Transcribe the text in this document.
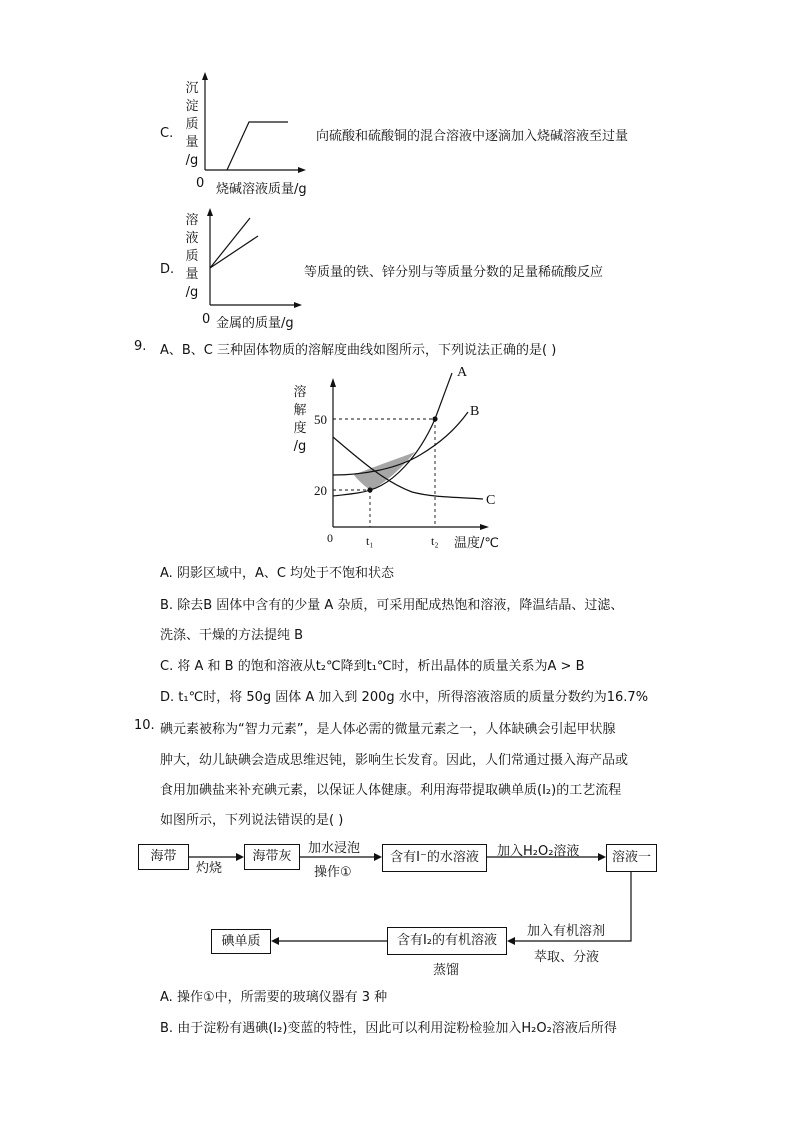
C.
沉
淀
质
量
/g
0 烧碱溶液质量/g
向硫酸和硫酸铜的混合溶液中逐滴加入烧碱溶液至过量
D.
溶
液
质
量
/g
0 金属的质量/g
等质量的铁、锌分别与等质量分数的足量稀硫酸反应
9. A、B、C 三种固体物质的溶解度曲线如图所示，下列说法正确的是( )
溶
解
度
/g
50
20
0	t₁	t₂ 温度/℃
A
B
C
A. 阴影区域中，A、C 均处于不饱和状态
B. 除去B 固体中含有的少量 A 杂质，可采用配成热饱和溶液，降温结晶、过滤、
洗涤、干燥的方法提纯 B
C. 将 A 和 B 的饱和溶液从t₂℃降到t₁℃时，析出晶体的质量关系为A > B
D. t₁℃时，将 50g 固体 A 加入到 200g 水中，所得溶液溶质的质量分数约为16.7%
10. 碘元素被称为“智力元素”，是人体必需的微量元素之一，人体缺碘会引起甲状腺
肿大，幼儿缺碘会造成思维迟钝，影响生长发育。因此，人们常通过摄入海产品或
食用加碘盐来补充碘元素，以保证人体健康。利用海带提取碘单质(I₂)的工艺流程
如图所示，下列说法错误的是( )
海带
灼烧
海带灰
加水浸泡
操作①
含有I⁻的水溶液	加入H₂O₂溶液	溶液一
加入有机溶剂
萃取、分液
含有I₂的有机溶液
蒸馏
碘单质
A. 操作①中，所需要的玻璃仪器有 3 种
B. 由于淀粉有遇碘(I₂)变蓝的特性，因此可以利用淀粉检验加入H₂O₂溶液后所得
